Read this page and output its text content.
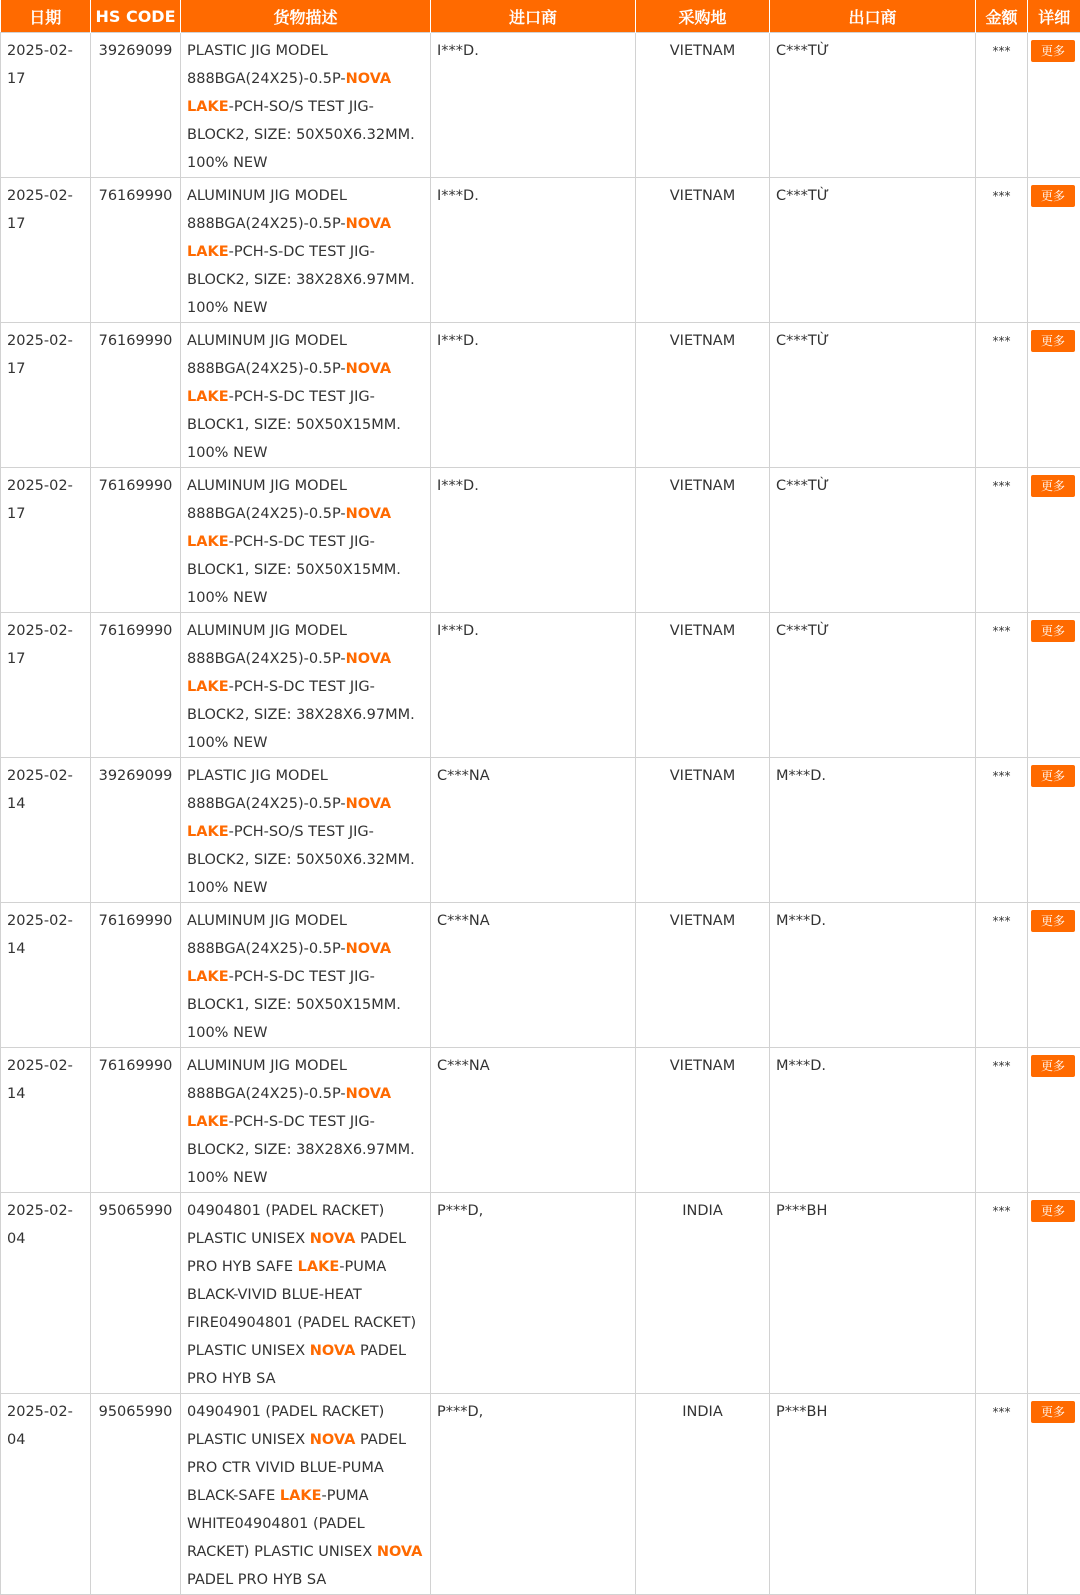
日期	HS CODE	货物描述	进口商	采购地	出口商	金额	详细
2025-02-17	39269099	PLASTIC JIG MODEL 888BGA(24X25)-0.5P-NOVA LAKE-PCH-SO/S TEST JIG-BLOCK2, SIZE: 50X50X6.32MM. 100% NEW	I***D.	VIETNAM	C***TỪ	***	更多
2025-02-17	76169990	ALUMINUM JIG MODEL 888BGA(24X25)-0.5P-NOVA LAKE-PCH-S-DC TEST JIG-BLOCK2, SIZE: 38X28X6.97MM. 100% NEW	I***D.	VIETNAM	C***TỪ	***	更多
2025-02-17	76169990	ALUMINUM JIG MODEL 888BGA(24X25)-0.5P-NOVA LAKE-PCH-S-DC TEST JIG-BLOCK1, SIZE: 50X50X15MM. 100% NEW	I***D.	VIETNAM	C***TỪ	***	更多
2025-02-17	76169990	ALUMINUM JIG MODEL 888BGA(24X25)-0.5P-NOVA LAKE-PCH-S-DC TEST JIG-BLOCK1, SIZE: 50X50X15MM. 100% NEW	I***D.	VIETNAM	C***TỪ	***	更多
2025-02-17	76169990	ALUMINUM JIG MODEL 888BGA(24X25)-0.5P-NOVA LAKE-PCH-S-DC TEST JIG-BLOCK2, SIZE: 38X28X6.97MM. 100% NEW	I***D.	VIETNAM	C***TỪ	***	更多
2025-02-14	39269099	PLASTIC JIG MODEL 888BGA(24X25)-0.5P-NOVA LAKE-PCH-SO/S TEST JIG-BLOCK2, SIZE: 50X50X6.32MM. 100% NEW	C***NA	VIETNAM	M***D.	***	更多
2025-02-14	76169990	ALUMINUM JIG MODEL 888BGA(24X25)-0.5P-NOVA LAKE-PCH-S-DC TEST JIG-BLOCK1, SIZE: 50X50X15MM. 100% NEW	C***NA	VIETNAM	M***D.	***	更多
2025-02-14	76169990	ALUMINUM JIG MODEL 888BGA(24X25)-0.5P-NOVA LAKE-PCH-S-DC TEST JIG-BLOCK2, SIZE: 38X28X6.97MM. 100% NEW	C***NA	VIETNAM	M***D.	***	更多
2025-02-04	95065990	04904801 (PADEL RACKET) PLASTIC UNISEX NOVA PADEL PRO HYB SAFE LAKE-PUMA BLACK-VIVID BLUE-HEAT FIRE04904801 (PADEL RACKET) PLASTIC UNISEX NOVA PADEL PRO HYB SA	P***D,	INDIA	P***BH	***	更多
2025-02-04	95065990	04904901 (PADEL RACKET) PLASTIC UNISEX NOVA PADEL PRO CTR VIVID BLUE-PUMA BLACK-SAFE LAKE-PUMA WHITE04904801 (PADEL RACKET) PLASTIC UNISEX NOVA PADEL PRO HYB SA	P***D,	INDIA	P***BH	***	更多
